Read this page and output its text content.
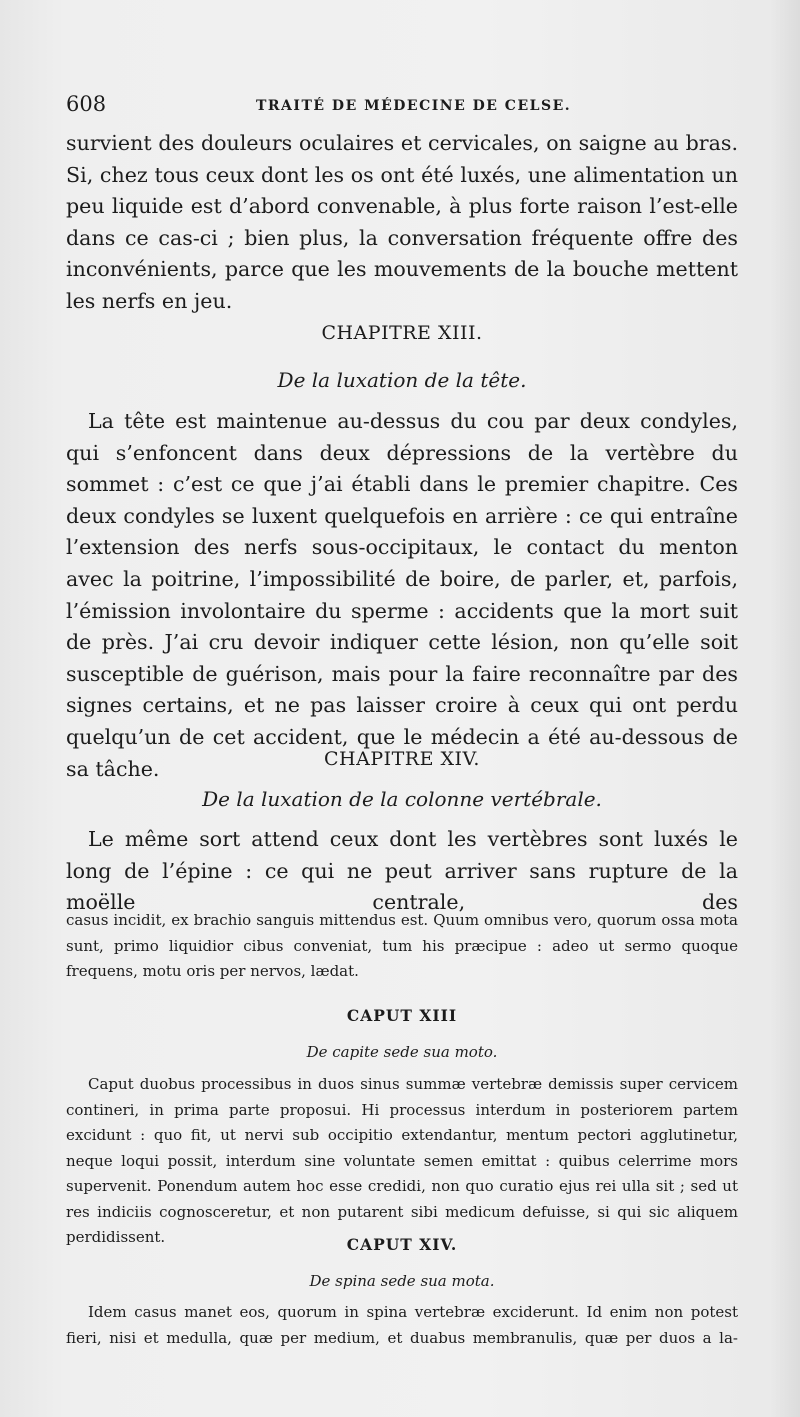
608	TRAITÉ DE MÉDECINE DE CELSE.

survient des douleurs oculaires et cervicales, on saigne au bras. Si, chez tous ceux dont les os ont été luxés, une alimentation un peu liquide est d’abord convenable, à plus forte raison l’est-elle dans ce cas-ci ; bien plus, la conversation fréquente offre des inconvénients, parce que les mouvements de la bouche mettent les nerfs en jeu.

CHAPITRE XIII.

De la luxation de la tête.

La tête est maintenue au-dessus du cou par deux condyles, qui s’enfoncent dans deux dépressions de la vertèbre du sommet : c’est ce que j’ai établi dans le premier chapitre. Ces deux condyles se luxent quelquefois en arrière : ce qui entraîne l’extension des nerfs sous-occipitaux, le contact du menton avec la poitrine, l’impossibilité de boire, de parler, et, parfois, l’émission involontaire du sperme : accidents que la mort suit de près. J’ai cru devoir indiquer cette lésion, non qu’elle soit susceptible de guérison, mais pour la faire reconnaître par des signes certains, et ne pas laisser croire à ceux qui ont perdu quelqu’un de cet accident, que le médecin a été au-dessous de sa tâche.	CHAPITRE XIV.

De la luxation de la colonne vertébrale.

Le même sort attend ceux dont les vertèbres sont luxés le long de l’épine : ce qui ne peut arriver sans rupture de la moëlle centrale, des

casus incidit, ex brachio sanguis mittendus est. Quum omnibus vero, quorum ossa mota sunt, primo liquidior cibus conveniat, tum his præcipue : adeo ut sermo quoque frequens, motu oris per nervos, lædat.

CAPUT XIII

De capite sede sua moto.

Caput duobus processibus in duos sinus summæ vertebræ demissis super cervicem contineri, in prima parte proposui. Hi processus interdum in posteriorem partem excidunt : quo fit, ut nervi sub occipitio extendantur, mentum pectori agglutinetur, neque loqui possit, interdum sine voluntate semen emittat : quibus celerrime mors supervenit. Ponendum autem hoc esse credidi, non quo curatio ejus rei ulla sit ; sed ut res indiciis cognosceretur, et non putarent sibi medicum defuisse, si qui sic aliquem perdidissent.	CAPUT XIV.

De spina sede sua mota.

Idem casus manet eos, quorum in spina vertebræ exciderunt. Id enim non potest fieri, nisi et medulla, quæ per medium, et duabus membranulis, quæ per duos a la-
